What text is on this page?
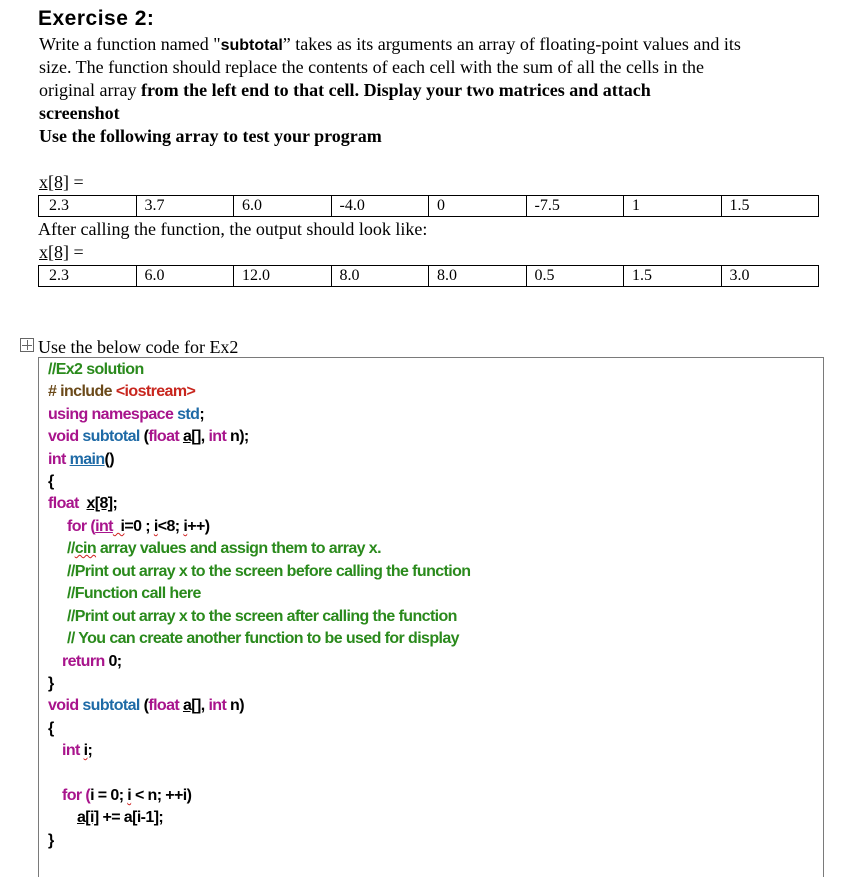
Exercise 2:
Write a function named "subtotal” takes as its arguments an array of floating-point values and its
size. The function should replace the contents of each cell with the sum of all the cells in the
original array from the left end to that cell. Display your two matrices and attach
screenshot
Use the following array to test your program
x[8] =
2.3	3.7	6.0	-4.0	0	-7.5	1	1.5
After calling the function, the output should look like:
x[8] =
2.3	6.0	12.0	8.0	8.0	0.5	1.5	3.0
Use the below code for Ex2
//Ex2 solution
# include <iostream>
using namespace std;
void subtotal (float a[], int n);
int main()
{
float  x[8];
for (int  i=0 ; i<8; i++)
//cin array values and assign them to array x.
//Print out array x to the screen before calling the function
//Function call here
//Print out array x to the screen after calling the function
// You can create another function to be used for display
return 0;
}
void subtotal (float a[], int n)
{
int i;
for (i = 0; i < n; ++i)
a[i] += a[i-1];
}
